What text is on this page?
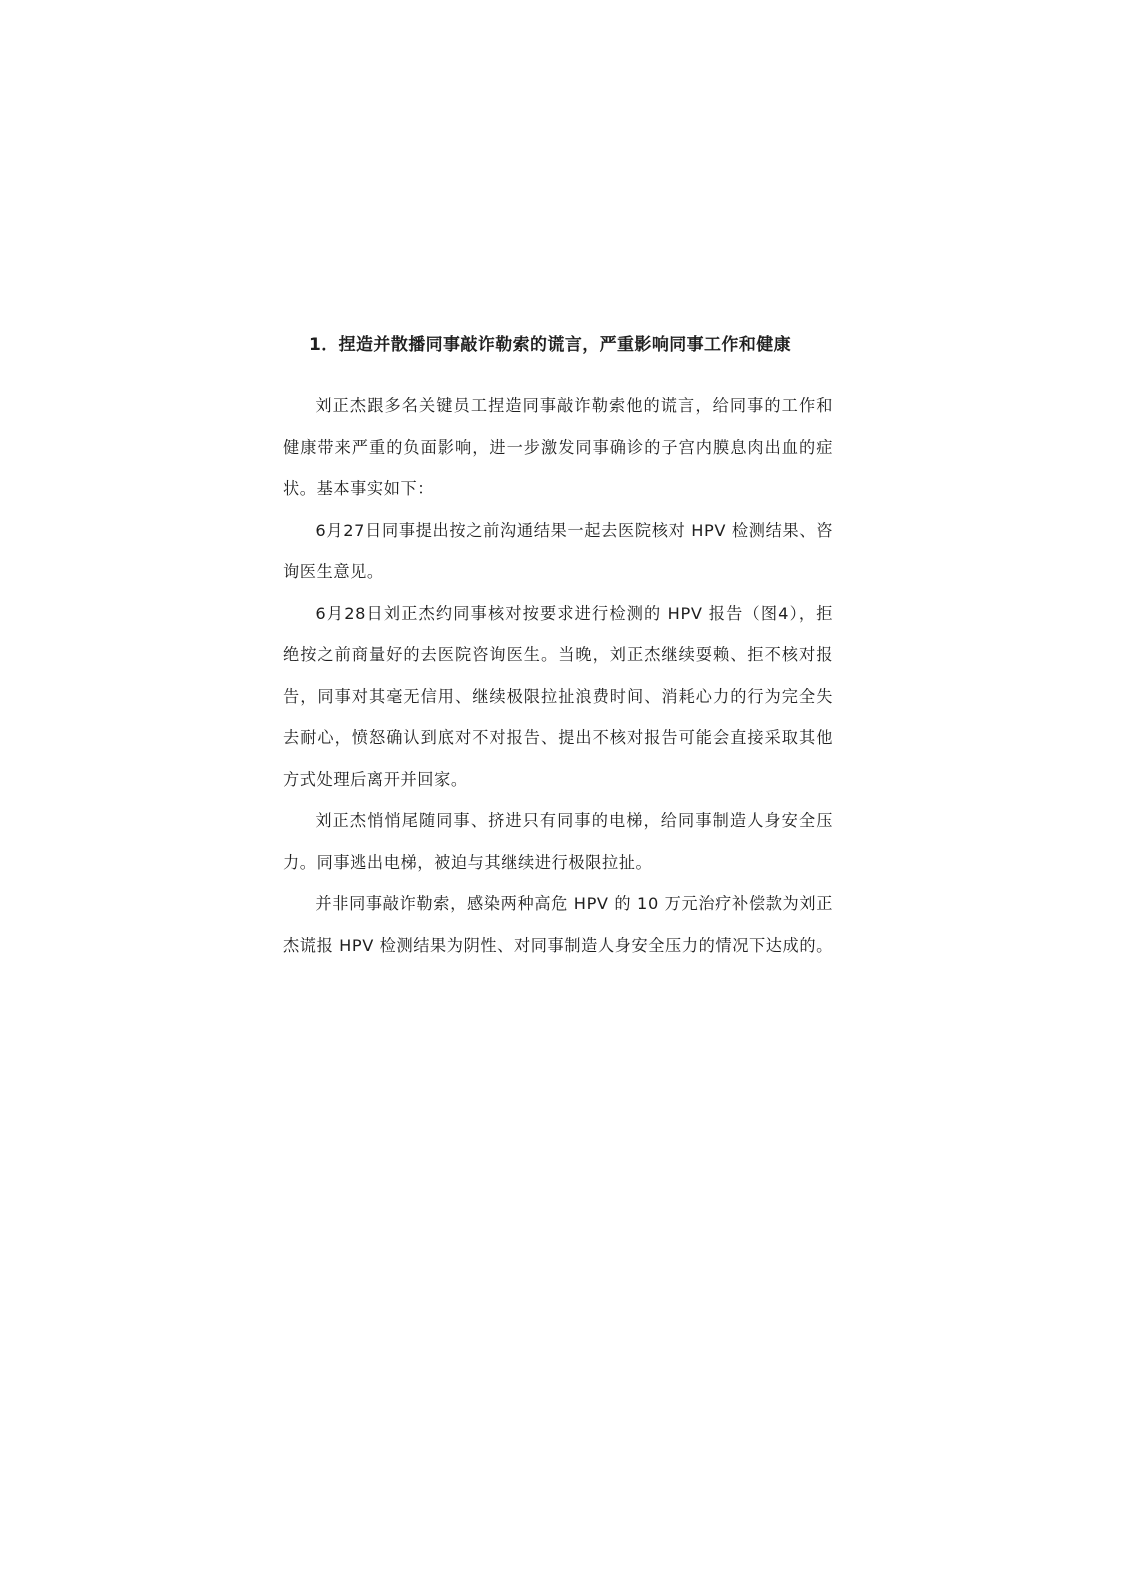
1．捏造并散播同事敲诈勒索的谎言，严重影响同事工作和健康

刘正杰跟多名关键员工捏造同事敲诈勒索他的谎言，给同事的工作和健康带来严重的负面影响，进一步激发同事确诊的子宫内膜息肉出血的症状。基本事实如下：

6月27日同事提出按之前沟通结果一起去医院核对 HPV 检测结果、咨询医生意见。

6月28日刘正杰约同事核对按要求进行检测的 HPV 报告（图4），拒绝按之前商量好的去医院咨询医生。当晚，刘正杰继续耍赖、拒不核对报告，同事对其毫无信用、继续极限拉扯浪费时间、消耗心力的行为完全失去耐心，愤怒确认到底对不对报告、提出不核对报告可能会直接采取其他方式处理后离开并回家。

刘正杰悄悄尾随同事、挤进只有同事的电梯，给同事制造人身安全压力。同事逃出电梯，被迫与其继续进行极限拉扯。

并非同事敲诈勒索，感染两种高危 HPV 的 10 万元治疗补偿款为刘正杰谎报 HPV 检测结果为阴性、对同事制造人身安全压力的情况下达成的。
